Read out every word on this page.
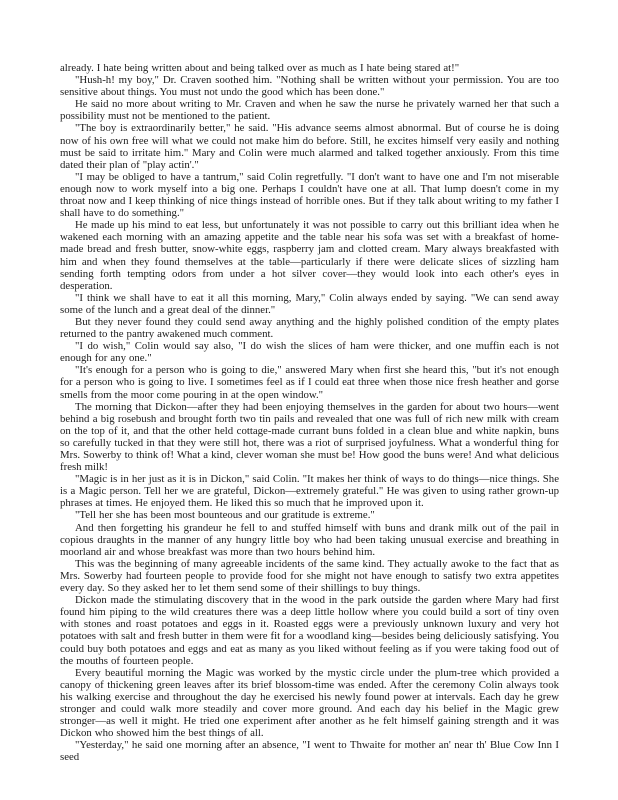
already. I hate being written about and being talked over as much as I hate being stared at!"

"Hush-h! my boy," Dr. Craven soothed him. "Nothing shall be written without your permission. You are too sensitive about things. You must not undo the good which has been done."

He said no more about writing to Mr. Craven and when he saw the nurse he privately warned her that such a possibility must not be mentioned to the patient.

"The boy is extraordinarily better," he said. "His advance seems almost abnormal. But of course he is doing now of his own free will what we could not make him do before. Still, he excites himself very easily and nothing must be said to irritate him." Mary and Colin were much alarmed and talked together anxiously. From this time dated their plan of "play actin'."

"I may be obliged to have a tantrum," said Colin regretfully. "I don't want to have one and I'm not miserable enough now to work myself into a big one. Perhaps I couldn't have one at all. That lump doesn't come in my throat now and I keep thinking of nice things instead of horrible ones. But if they talk about writing to my father I shall have to do something."

He made up his mind to eat less, but unfortunately it was not possible to carry out this brilliant idea when he wakened each morning with an amazing appetite and the table near his sofa was set with a breakfast of home-made bread and fresh butter, snow-white eggs, raspberry jam and clotted cream. Mary always breakfasted with him and when they found themselves at the table—particularly if there were delicate slices of sizzling ham sending forth tempting odors from under a hot silver cover—they would look into each other's eyes in desperation.

"I think we shall have to eat it all this morning, Mary," Colin always ended by saying. "We can send away some of the lunch and a great deal of the dinner."

But they never found they could send away anything and the highly polished condition of the empty plates returned to the pantry awakened much comment.

"I do wish," Colin would say also, "I do wish the slices of ham were thicker, and one muffin each is not enough for any one."

"It's enough for a person who is going to die," answered Mary when first she heard this, "but it's not enough for a person who is going to live. I sometimes feel as if I could eat three when those nice fresh heather and gorse smells from the moor come pouring in at the open window."

The morning that Dickon—after they had been enjoying themselves in the garden for about two hours—went behind a big rosebush and brought forth two tin pails and revealed that one was full of rich new milk with cream on the top of it, and that the other held cottage-made currant buns folded in a clean blue and white napkin, buns so carefully tucked in that they were still hot, there was a riot of surprised joyfulness. What a wonderful thing for Mrs. Sowerby to think of! What a kind, clever woman she must be! How good the buns were! And what delicious fresh milk!

"Magic is in her just as it is in Dickon," said Colin. "It makes her think of ways to do things—nice things. She is a Magic person. Tell her we are grateful, Dickon—extremely grateful." He was given to using rather grown-up phrases at times. He enjoyed them. He liked this so much that he improved upon it.

"Tell her she has been most bounteous and our gratitude is extreme."

And then forgetting his grandeur he fell to and stuffed himself with buns and drank milk out of the pail in copious draughts in the manner of any hungry little boy who had been taking unusual exercise and breathing in moorland air and whose breakfast was more than two hours behind him.

This was the beginning of many agreeable incidents of the same kind. They actually awoke to the fact that as Mrs. Sowerby had fourteen people to provide food for she might not have enough to satisfy two extra appetites every day. So they asked her to let them send some of their shillings to buy things.

Dickon made the stimulating discovery that in the wood in the park outside the garden where Mary had first found him piping to the wild creatures there was a deep little hollow where you could build a sort of tiny oven with stones and roast potatoes and eggs in it. Roasted eggs were a previously unknown luxury and very hot potatoes with salt and fresh butter in them were fit for a woodland king—besides being deliciously satisfying. You could buy both potatoes and eggs and eat as many as you liked without feeling as if you were taking food out of the mouths of fourteen people.

Every beautiful morning the Magic was worked by the mystic circle under the plum-tree which provided a canopy of thickening green leaves after its brief blossom-time was ended. After the ceremony Colin always took his walking exercise and throughout the day he exercised his newly found power at intervals. Each day he grew stronger and could walk more steadily and cover more ground. And each day his belief in the Magic grew stronger—as well it might. He tried one experiment after another as he felt himself gaining strength and it was Dickon who showed him the best things of all.

"Yesterday," he said one morning after an absence, "I went to Thwaite for mother an' near th' Blue Cow Inn I seed
